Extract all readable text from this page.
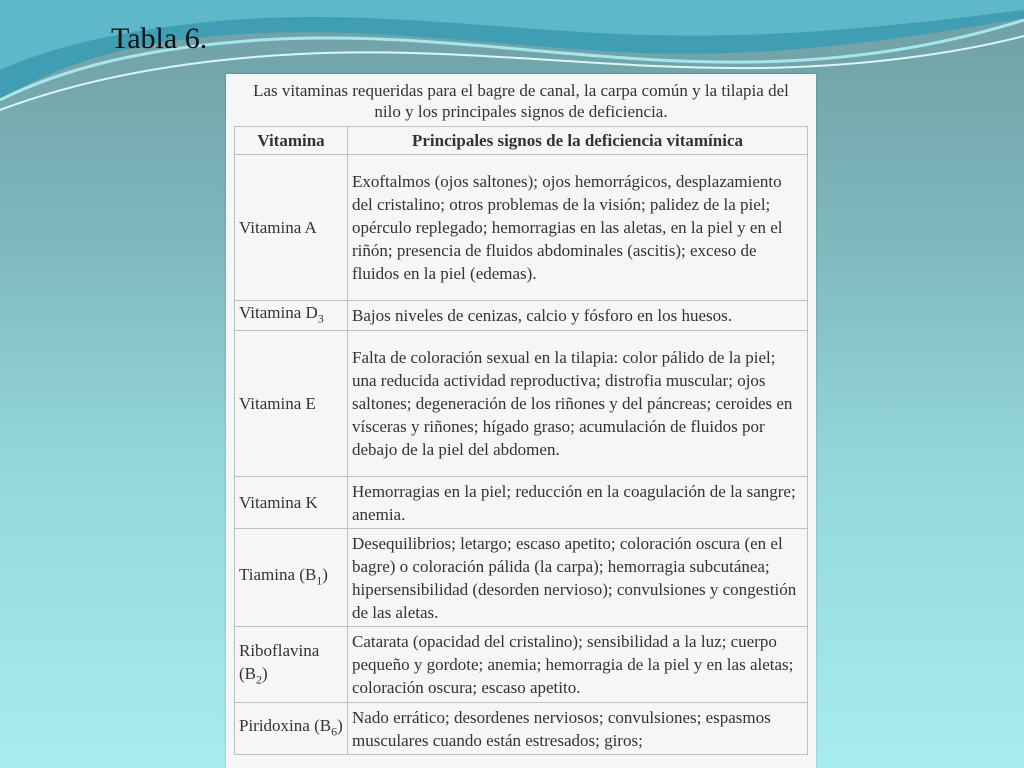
Tabla 6.
Las vitaminas requeridas para el bagre de canal, la carpa común y la tilapia del nilo y los principales signos de deficiencia.
Vitamina	Principales signos de la deficiencia vitamínica
Vitamina A	Exoftalmos (ojos saltones); ojos hemorrágicos, desplazamiento del cristalino; otros problemas de la visión; palidez de la piel; opérculo replegado; hemorragias en las aletas, en la piel y en el riñón; presencia de fluidos abdominales (ascitis); exceso de fluidos en la piel (edemas).
Vitamina $D_3$	Bajos niveles de cenizas, calcio y fósforo en los huesos.
Vitamina E	Falta de coloración sexual en la tilapia: color pálido de la piel; una reducida actividad reproductiva; distrofia muscular; ojos saltones; degeneración de los riñones y del páncreas; ceroides en vísceras y riñones; hígado graso; acumulación de fluidos por debajo de la piel del abdomen.
Vitamina K	Hemorragias en la piel; reducción en la coagulación de la sangre; anemia.
Tiamina $(B_1)$	Desequilibrios; letargo; escaso apetito; coloración oscura (en el bagre) o coloración pálida (la carpa); hemorragia subcutánea; hipersensibilidad (desorden nervioso); convulsiones y congestión de las aletas.
Riboflavina $(B_2)$	Catarata (opacidad del cristalino); sensibilidad a la luz; cuerpo pequeño y gordote; anemia; hemorragia de la piel y en las aletas; coloración oscura; escaso apetito.
Piridoxina $(B_6)$	Nado errático; desordenes nerviosos; convulsiones; espasmos musculares cuando están estresados; giros;
